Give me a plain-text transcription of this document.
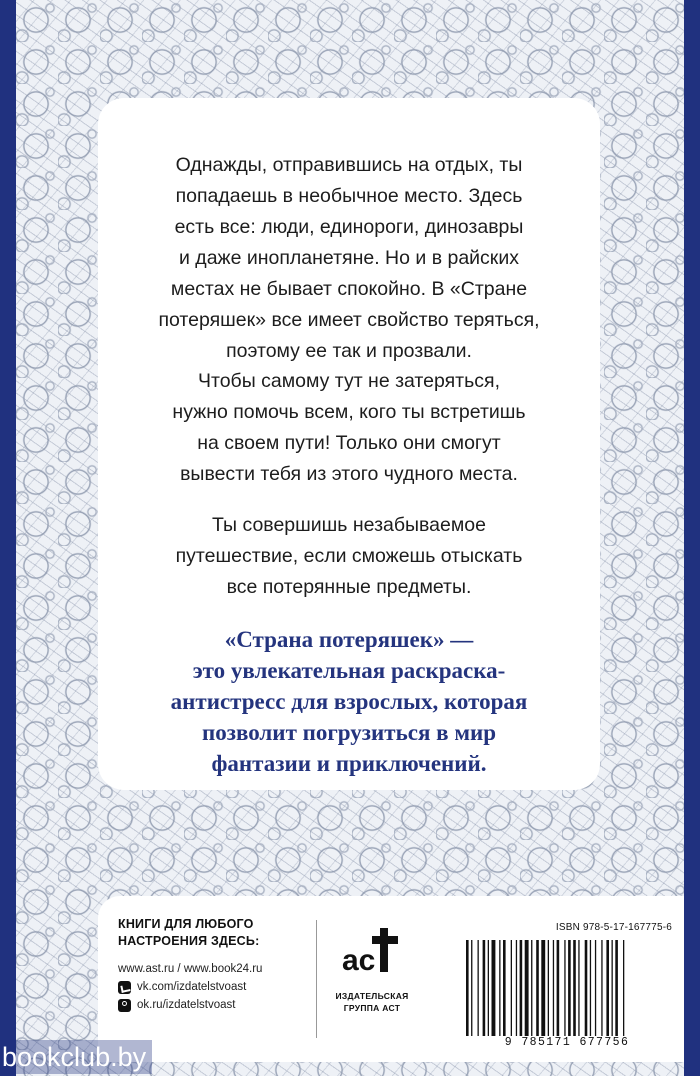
Однажды, отправившись на отдых, ты
попадаешь в необычное место. Здесь
есть все: люди, единороги, динозавры
и даже инопланетяне. Но и в райских
местах не бывает спокойно. В «Стране
потеряшек» все имеет свойство теряться,
поэтому ее так и прозвали.

Чтобы самому тут не затеряться,
нужно помочь всем, кого ты встретишь
на своем пути! Только они смогут
вывести тебя из этого чудного места.

Ты совершишь незабываемое
путешествие, если сможешь отыскать
все потерянные предметы.

«Страна потеряшек» —
это увлекательная раскраска-
антистресс для взрослых, которая
позволит погрузиться в мир
фантазии и приключений.

КНИГИ ДЛЯ ЛЮБОГО
НАСТРОЕНИЯ ЗДЕСЬ:
www.ast.ru / www.book24.ru
vk.com/izdatelstvoast
ok.ru/izdatelstvoast
ас
ИЗДАТЕЛЬСКАЯ
ГРУППА АСТ
ISBN 978-5-17-167775-6
9 785171 677756
bookclub.by
